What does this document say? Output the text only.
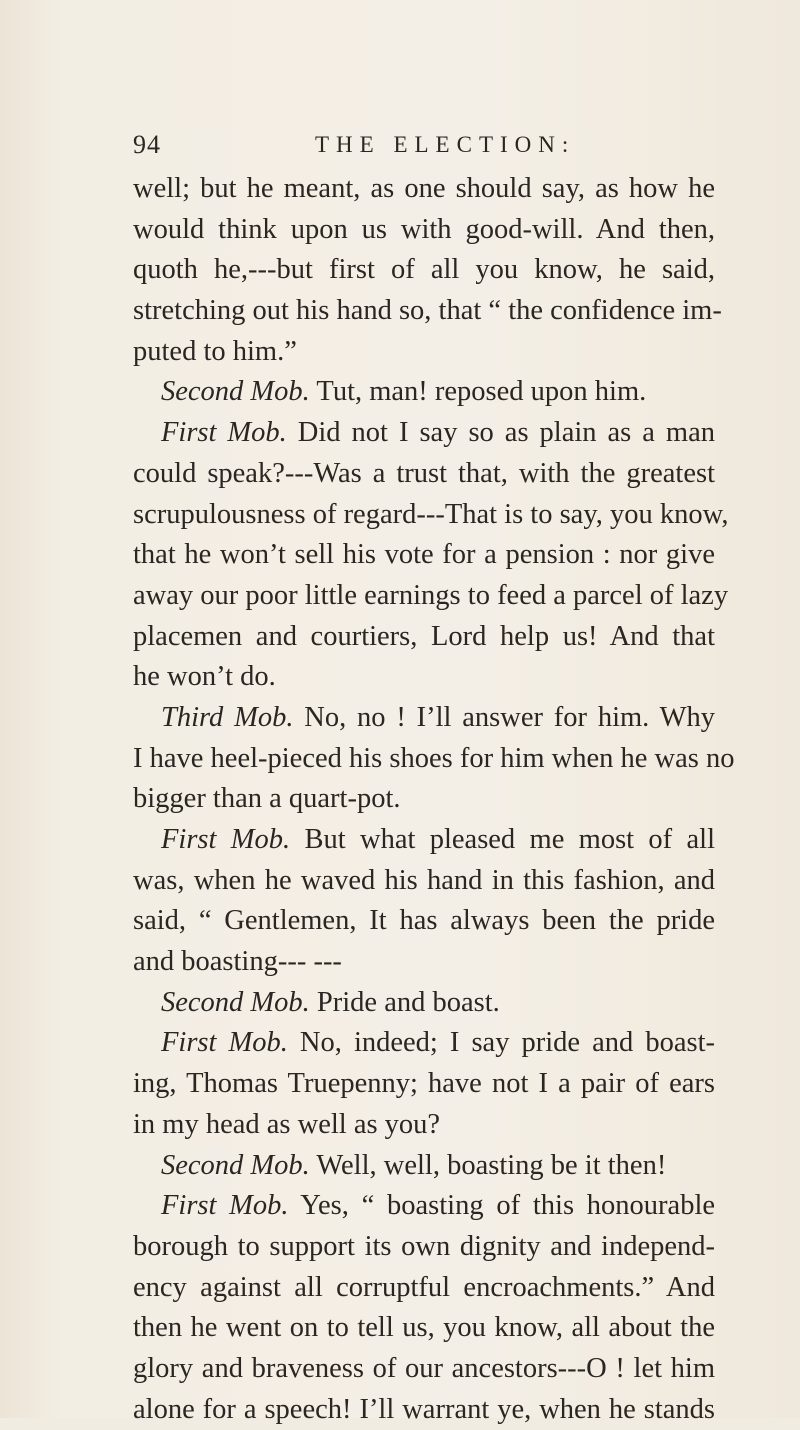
94	THE ELECTION:
well; but he meant, as one should say, as how he
would think upon us with good-will. And then,
quoth he,---but first of all you know, he said,
stretching out his hand so, that “ the confidence im-
puted to him.”
Second Mob. Tut, man! reposed upon him.
First Mob. Did not I say so as plain as a man
could speak?---Was a trust that, with the greatest
scrupulousness of regard---That is to say, you know,
that he won’t sell his vote for a pension : nor give
away our poor little earnings to feed a parcel of lazy
placemen and courtiers, Lord help us! And that
he won’t do.
Third Mob. No, no ! I’ll answer for him. Why
I have heel-pieced his shoes for him when he was no
bigger than a quart-pot.
First Mob. But what pleased me most of all
was, when he waved his hand in this fashion, and
said, “ Gentlemen, It has always been the pride
and boasting--- ---
Second Mob. Pride and boast.
First Mob. No, indeed; I say pride and boast-
ing, Thomas Truepenny; have not I a pair of ears
in my head as well as you?
Second Mob. Well, well, boasting be it then!
First Mob. Yes, “ boasting of this honourable
borough to support its own dignity and independ-
ency against all corruptful encroachments.” And
then he went on to tell us, you know, all about the
glory and braveness of our ancestors---O ! let him
alone for a speech! I’ll warrant ye, when he stands
